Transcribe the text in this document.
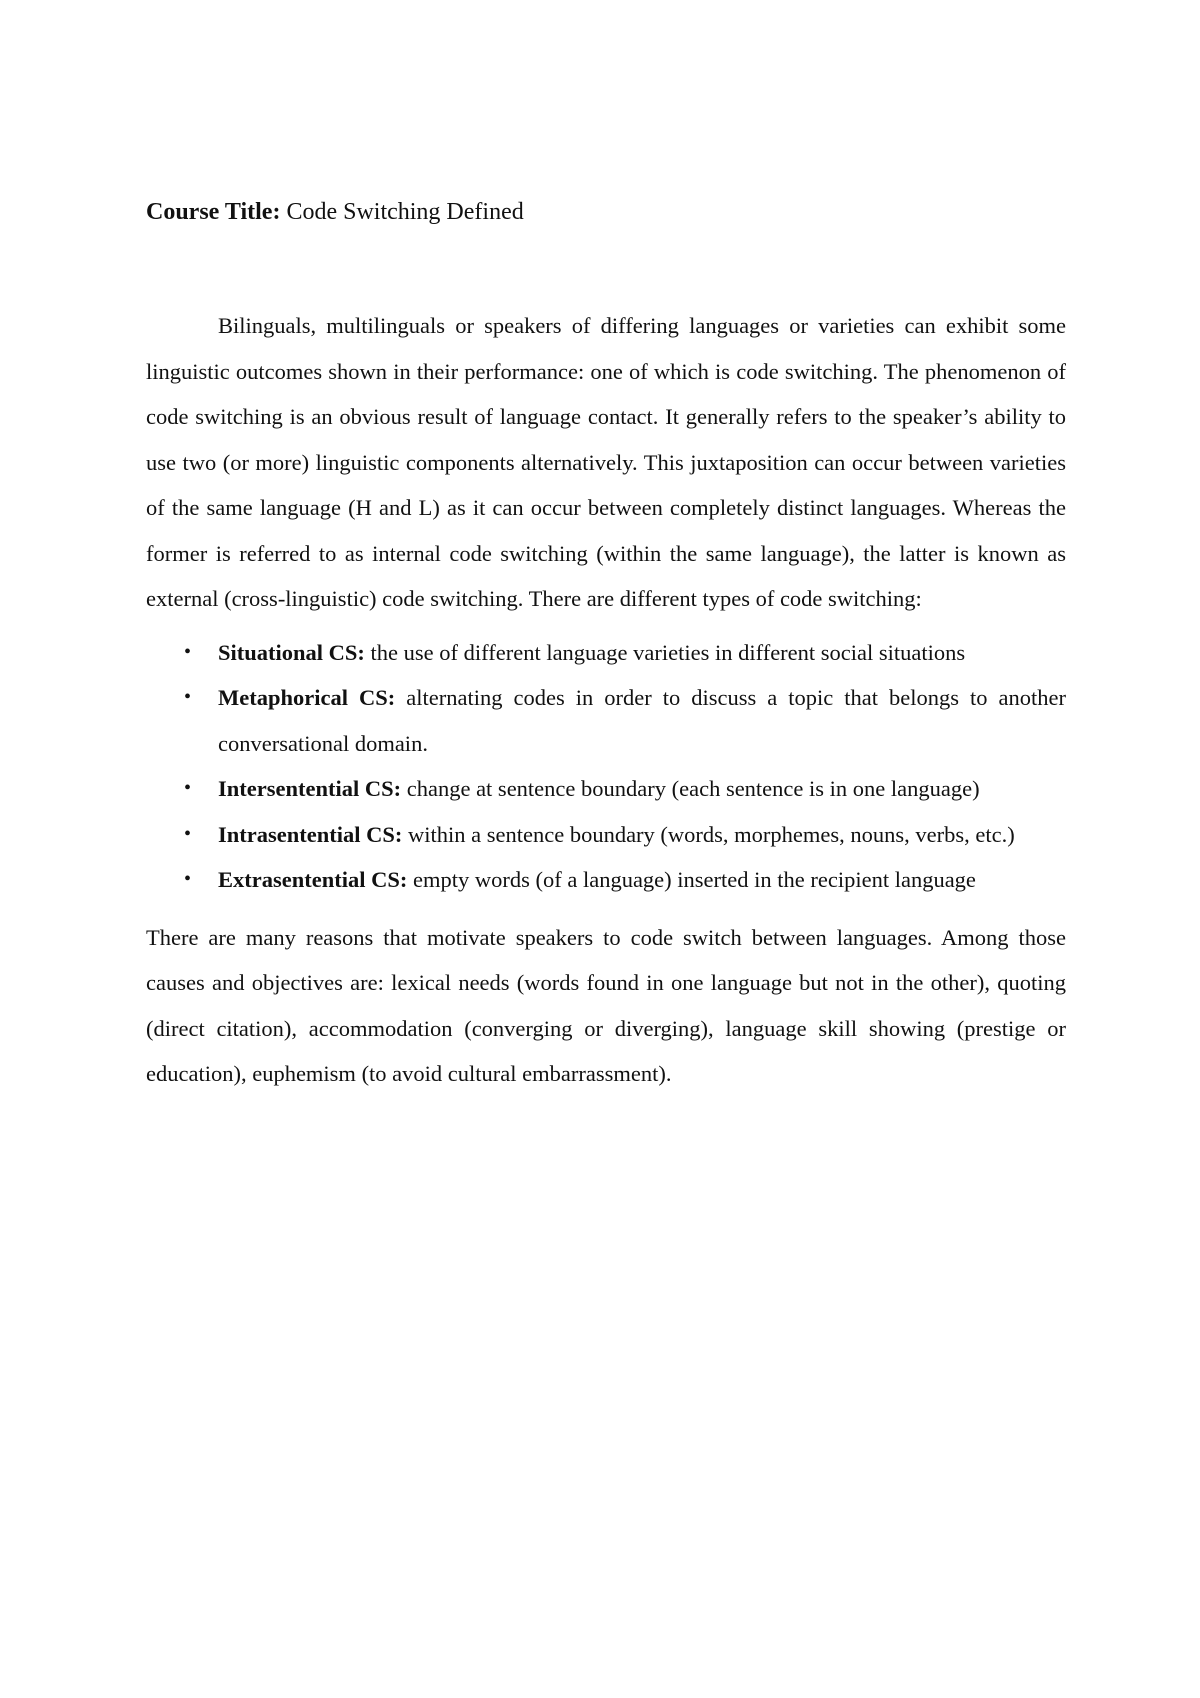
Course Title: Code Switching Defined

Bilinguals, multilinguals or speakers of differing languages or varieties can exhibit some linguistic outcomes shown in their performance: one of which is code switching. The phenomenon of code switching is an obvious result of language contact. It generally refers to the speaker’s ability to use two (or more) linguistic components alternatively. This juxtaposition can occur between varieties of the same language (H and L) as it can occur between completely distinct languages. Whereas the former is referred to as internal code switching (within the same language), the latter is known as external (cross-linguistic) code switching. There are different types of code switching:

• Situational CS: the use of different language varieties in different social situations
• Metaphorical CS: alternating codes in order to discuss a topic that belongs to another conversational domain.
• Intersentential CS: change at sentence boundary (each sentence is in one language)
• Intrasentential CS: within a sentence boundary (words, morphemes, nouns, verbs, etc.)
• Extrasentential CS: empty words (of a language) inserted in the recipient language

There are many reasons that motivate speakers to code switch between languages. Among those causes and objectives are: lexical needs (words found in one language but not in the other), quoting (direct citation), accommodation (converging or diverging), language skill showing (prestige or education), euphemism (to avoid cultural embarrassment).
